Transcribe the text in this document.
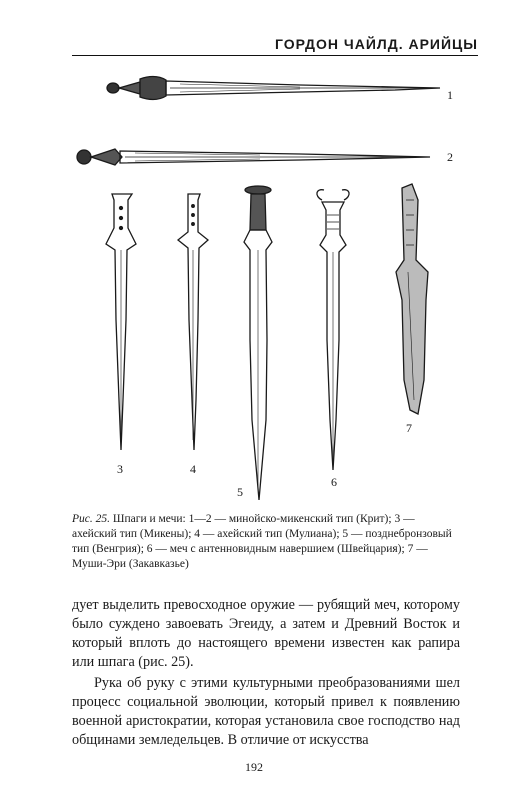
ГОРДОН ЧАЙЛД. АРИЙЦЫ
1
2
3	4
5
6
7
Рис. 25. Шпаги и мечи: 1—2 — минойско-микенский тип (Крит); 3 — ахейский тип (Микены); 4 — ахейский тип (Мулиана); 5 — позднебронзовый тип (Венгрия); 6 — меч с антенновидным навершием (Швейцария); 7 — Муши-Эри (Закавказье)

дует выделить превосходное оружие — рубящий меч, которому было суждено завоевать Эгеиду, а затем и Древний Восток и который вплоть до настоящего времени известен как рапира или шпага (рис. 25).

Рука об руку с этими культурными преобразованиями шел процесс социальной эволюции, который привел к появлению военной аристократии, которая установила свое господство над общинами земледельцев. В отличие от искусства

192
